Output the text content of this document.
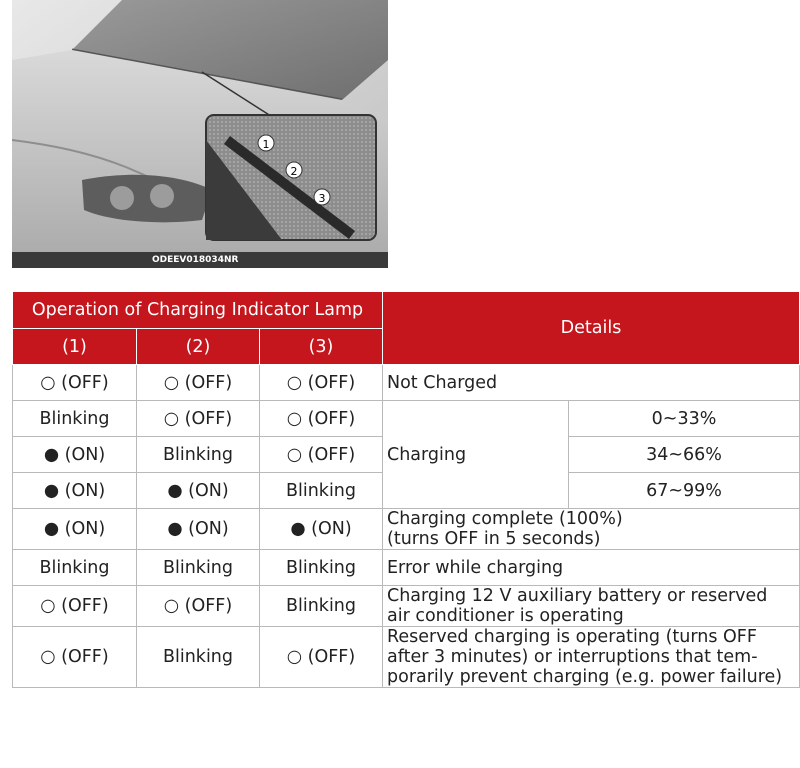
1
2
3
ODEEV018034NR
Operation of Charging Indicator Lamp			Details	
(1)	(2)	(3)		
○ (OFF)	○ (OFF)	○ (OFF)	Not Charged	
Blinking	○ (OFF)	○ (OFF)	Charging	0~33%
● (ON)	Blinking	○ (OFF)		34~66%
● (ON)	● (ON)	Blinking		67~99%
● (ON)	● (ON)	● (ON)	Charging complete (100%)
(turns OFF in 5 seconds)	

Blinking	Blinking	Blinking	Error while charging	
○ (OFF)	○ (OFF)	Blinking	Charging 12 V auxiliary battery or reserved
air conditioner is operating	

○ (OFF)	Blinking	○ (OFF)	Reserved charging is operating (turns OFF
after 3 minutes) or interruptions that tem-
porarily prevent charging (e.g. power failure)	
